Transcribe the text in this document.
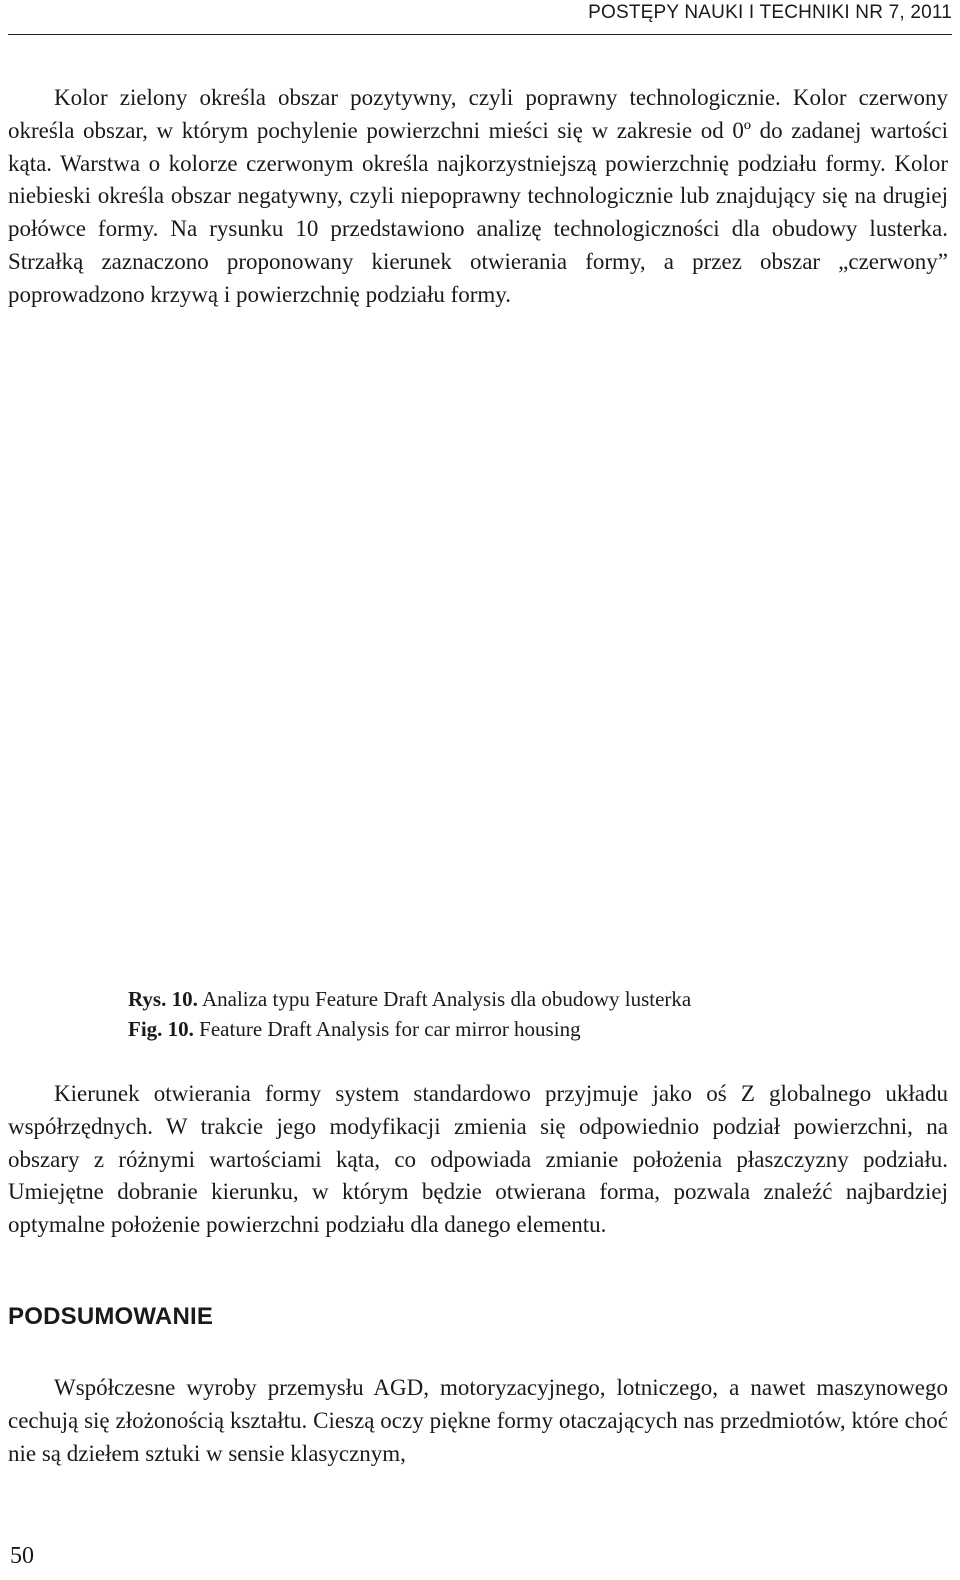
POSTĘPY NAUKI I TECHNIKI NR 7, 2011

Kolor zielony określa obszar pozytywny, czyli poprawny technologicznie. Kolor czerwony określa obszar, w którym pochylenie powierzchni mieści się w zakresie od 0º do zadanej wartości kąta. Warstwa o kolorze czerwonym określa najkorzystniejszą powierzchnię podziału formy. Kolor niebieski określa obszar negatywny, czyli niepoprawny technologicznie lub znajdujący się na drugiej połówce formy. Na rysunku 10 przedstawiono analizę technologiczności dla obudowy lusterka. Strzałką zaznaczono proponowany kierunek otwierania formy, a przez obszar „czerwony” poprowadzono krzywą i powierzchnię podziału formy.

Rys. 10. Analiza typu Feature Draft Analysis dla obudowy lusterka
Fig. 10. Feature Draft Analysis for car mirror housing

Kierunek otwierania formy system standardowo przyjmuje jako oś Z globalnego układu współrzędnych. W trakcie jego modyfikacji zmienia się odpowiednio podział powierzchni, na obszary z różnymi wartościami kąta, co odpowiada zmianie położenia płaszczyzny podziału. Umiejętne dobranie kierunku, w którym będzie otwierana forma, pozwala znaleźć najbardziej optymalne położenie powierzchni podziału dla danego elementu.

PODSUMOWANIE

Współczesne wyroby przemysłu AGD, motoryzacyjnego, lotniczego, a nawet maszynowego cechują się złożonością kształtu. Cieszą oczy piękne formy otaczających nas przedmiotów, które choć nie są dziełem sztuki w sensie klasycznym,

50
